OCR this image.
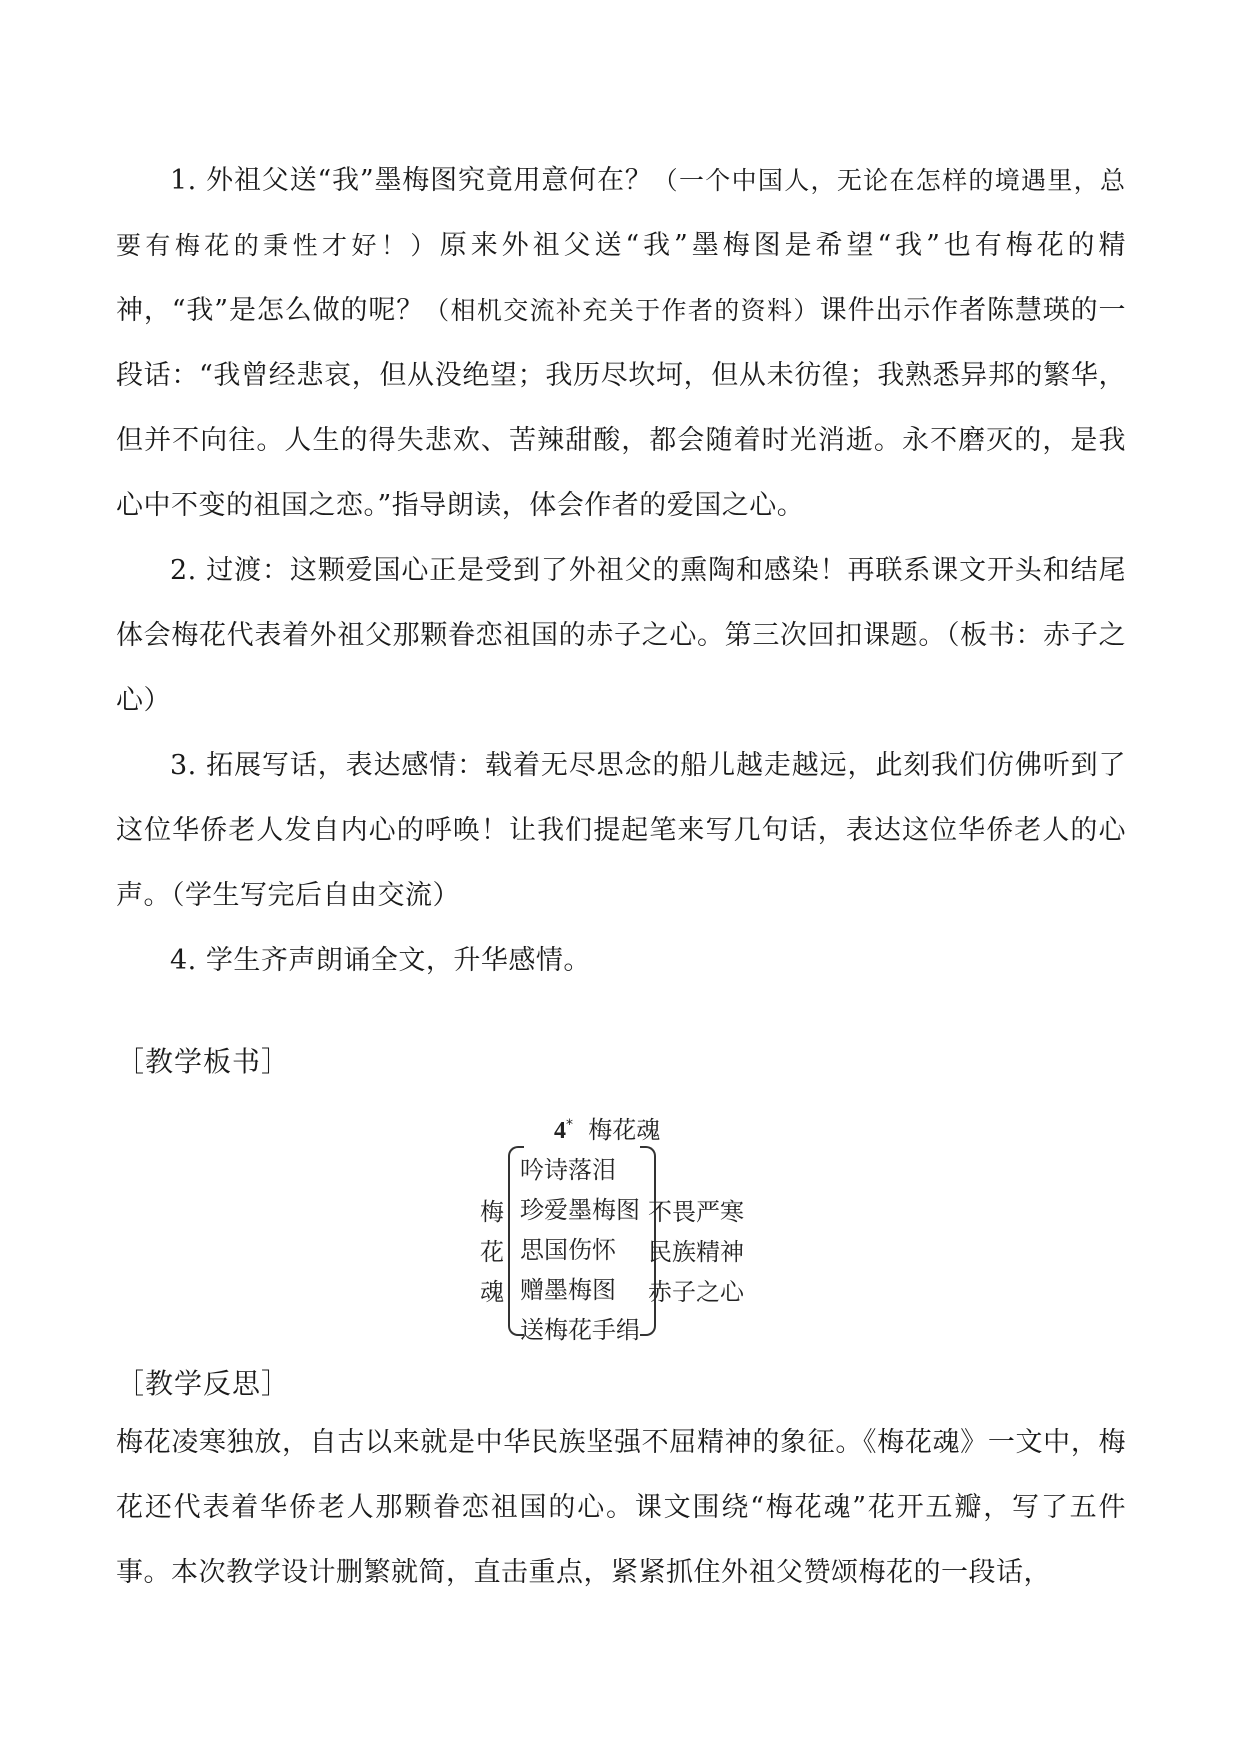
1. 外祖父送“我”墨梅图究竟用意何在？（一个中国人，无论在怎样的境遇里，总要有梅花的秉性才好！）原来外祖父送“我”墨梅图是希望“我”也有梅花的精神，“我”是怎么做的呢？（相机交流补充关于作者的资料）课件出示作者陈慧瑛的一段话：“我曾经悲哀，但从没绝望；我历尽坎坷，但从未彷徨；我熟悉异邦的繁华，但并不向往。人生的得失悲欢、苦辣甜酸，都会随着时光消逝。永不磨灭的，是我心中不变的祖国之恋。”指导朗读，体会作者的爱国之心。
2. 过渡：这颗爱国心正是受到了外祖父的熏陶和感染！再联系课文开头和结尾体会梅花代表着外祖父那颗眷恋祖国的赤子之心。第三次回扣课题。（板书：赤子之心）
3. 拓展写话，表达感情：载着无尽思念的船儿越走越远，此刻我们仿佛听到了这位华侨老人发自内心的呼唤！让我们提起笔来写几句话，表达这位华侨老人的心声。（学生写完后自由交流）
4. 学生齐声朗诵全文，升华感情。
［教学板书］
4* 梅花魂
梅
花
魂
吟诗落泪
珍爱墨梅图
思国伤怀
赠墨梅图
送梅花手绢
不畏严寒
民族精神
赤子之心
［教学反思］
梅花凌寒独放，自古以来就是中华民族坚强不屈精神的象征。《梅花魂》一文中，梅花还代表着华侨老人那颗眷恋祖国的心。课文围绕“梅花魂”花开五瓣，写了五件事。本次教学设计删繁就简，直击重点，紧紧抓住外祖父赞颂梅花的一段话，
